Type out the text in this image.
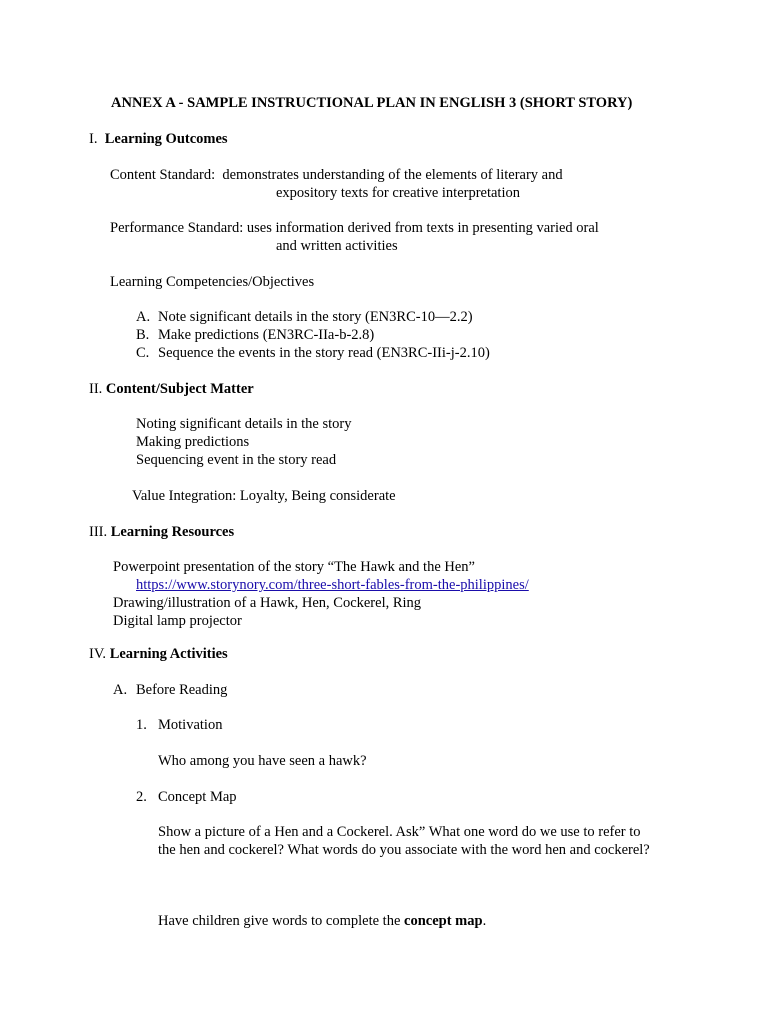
ANNEX A - SAMPLE INSTRUCTIONAL PLAN IN ENGLISH 3 (SHORT STORY)
I. Learning Outcomes
Content Standard: demonstrates understanding of the elements of literary and
expository texts for creative interpretation
Performance Standard: uses information derived from texts in presenting varied oral
and written activities
Learning Competencies/Objectives
A. Note significant details in the story (EN3RC-10—2.2)
B. Make predictions (EN3RC-IIa-b-2.8)
C. Sequence the events in the story read (EN3RC-IIi-j-2.10)
II. Content/Subject Matter
Noting significant details in the story
Making predictions
Sequencing event in the story read
Value Integration: Loyalty, Being considerate
III. Learning Resources
Powerpoint presentation of the story “The Hawk and the Hen”
https://www.storynory.com/three-short-fables-from-the-philippines/
Drawing/illustration of a Hawk, Hen, Cockerel, Ring
Digital lamp projector
IV. Learning Activities
A. Before Reading
1. Motivation
Who among you have seen a hawk?
2. Concept Map
Show a picture of a Hen and a Cockerel. Ask” What one word do we use to refer to
the hen and cockerel? What words do you associate with the word hen and cockerel?
Have children give words to complete the concept map.
